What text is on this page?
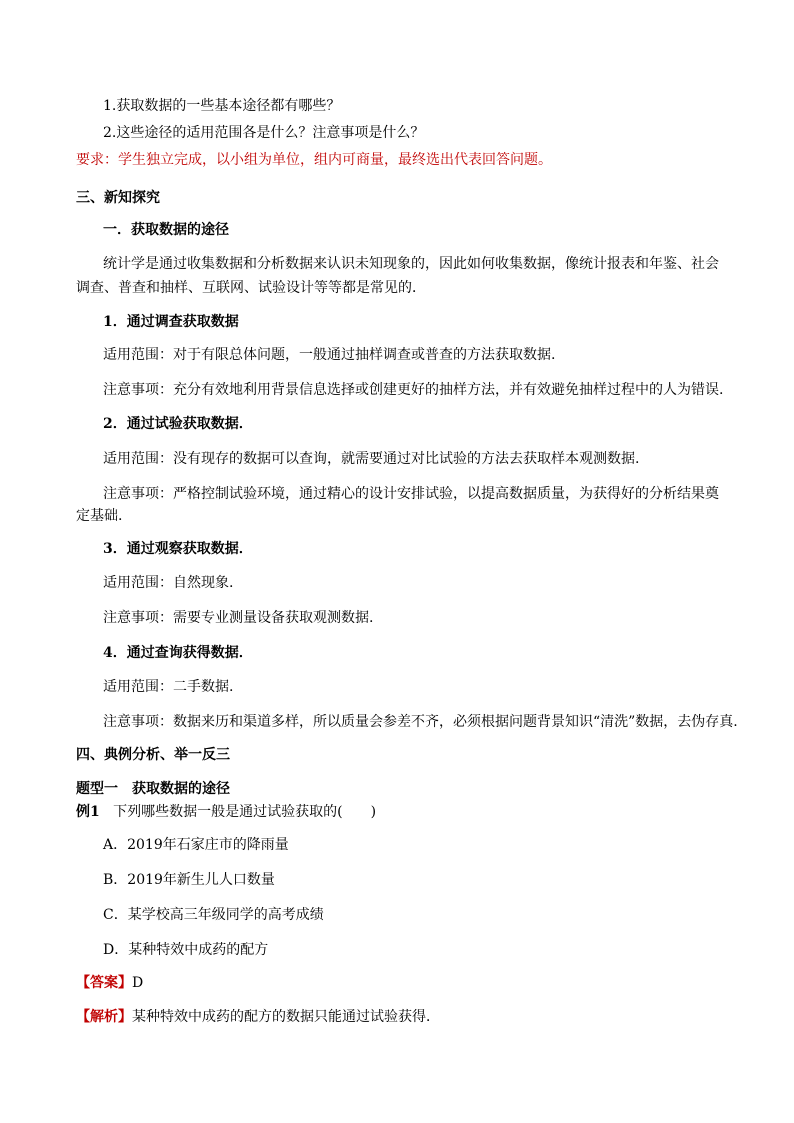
1.获取数据的一些基本途径都有哪些？
2.这些途径的适用范围各是什么？注意事项是什么？
要求：学生独立完成，以小组为单位，组内可商量，最终选出代表回答问题。
三、新知探究
一．获取数据的途径
统计学是通过收集数据和分析数据来认识未知现象的，因此如何收集数据，像统计报表和年鉴、社会
调查、普查和抽样、互联网、试验设计等等都是常见的．
1．通过调查获取数据
适用范围：对于有限总体问题，一般通过抽样调查或普查的方法获取数据.
注意事项：充分有效地利用背景信息选择或创建更好的抽样方法，并有效避免抽样过程中的人为错误.
2．通过试验获取数据．
适用范围：没有现存的数据可以查询，就需要通过对比试验的方法去获取样本观测数据.
注意事项：严格控制试验环境，通过精心的设计安排试验，以提高数据质量，为获得好的分析结果奠
定基础.
3．通过观察获取数据．
适用范围：自然现象.
注意事项：需要专业测量设备获取观测数据.
4．通过查询获得数据．
适用范围：二手数据.
注意事项：数据来历和渠道多样，所以质量会参差不齐，必须根据问题背景知识“清洗”数据，去伪存真.
四、典例分析、举一反三
题型一　获取数据的途径
例1 下列哪些数据一般是通过试验获取的(　　)
A．2019年石家庄市的降雨量
B．2019年新生儿人口数量
C．某学校高三年级同学的高考成绩
D．某种特效中成药的配方
【答案】D
【解析】某种特效中成药的配方的数据只能通过试验获得．
